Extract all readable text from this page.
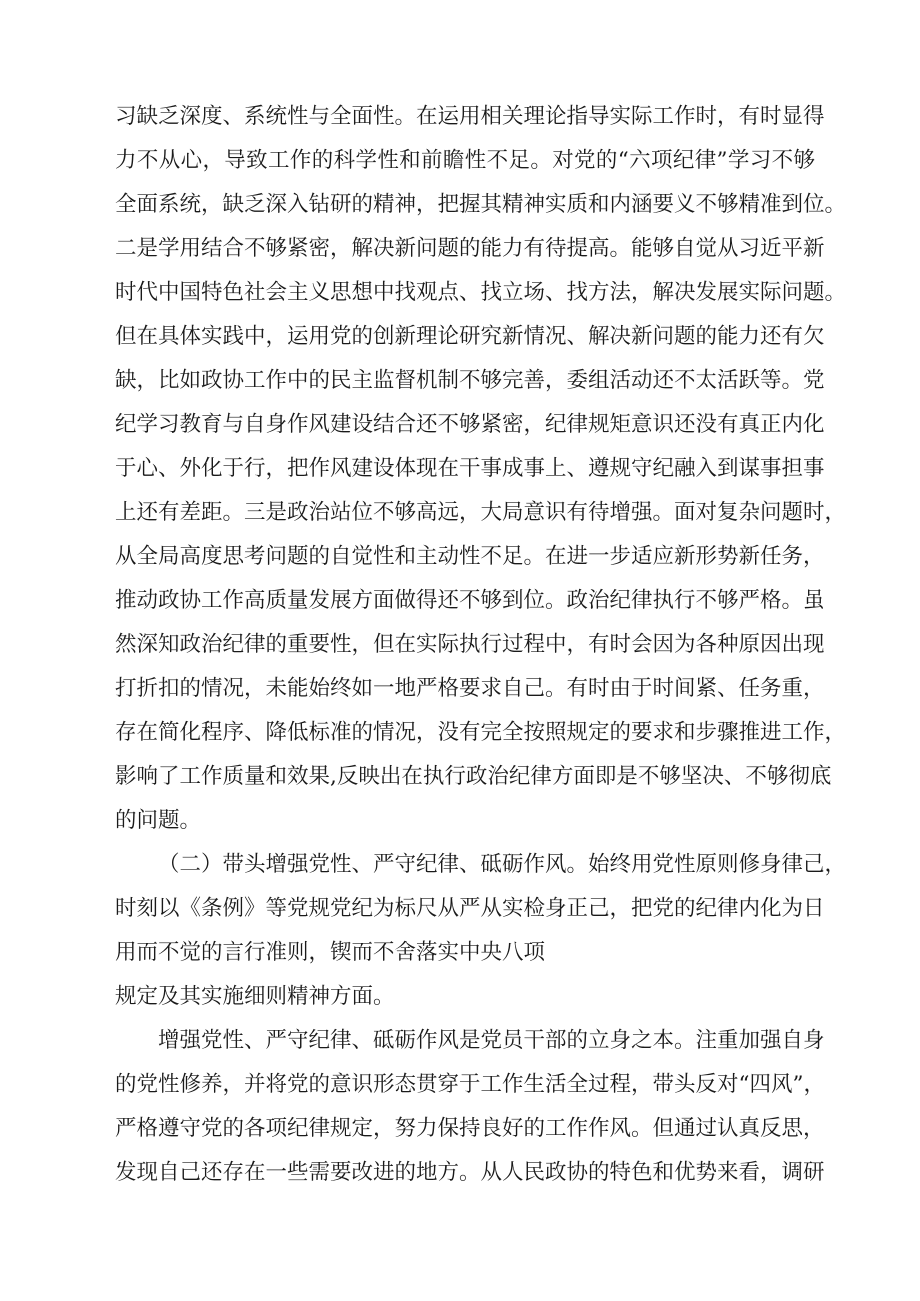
习缺乏深度、系统性与全面性。在运用相关理论指导实际工作时，有时显得
力不从心，导致工作的科学性和前瞻性不足。对党的“六项纪律”学习不够
全面系统，缺乏深入钻研的精神，把握其精神实质和内涵要义不够精准到位。
二是学用结合不够紧密，解决新问题的能力有待提高。能够自觉从习近平新
时代中国特色社会主义思想中找观点、找立场、找方法，解决发展实际问题。
但在具体实践中，运用党的创新理论研究新情况、解决新问题的能力还有欠
缺，比如政协工作中的民主监督机制不够完善，委组活动还不太活跃等。党
纪学习教育与自身作风建设结合还不够紧密，纪律规矩意识还没有真正内化
于心、外化于行，把作风建设体现在干事成事上、遵规守纪融入到谋事担事
上还有差距。三是政治站位不够高远，大局意识有待增强。面对复杂问题时，
从全局高度思考问题的自觉性和主动性不足。在进一步适应新形势新任务，
推动政协工作高质量发展方面做得还不够到位。政治纪律执行不够严格。虽
然深知政治纪律的重要性，但在实际执行过程中，有时会因为各种原因出现
打折扣的情况，未能始终如一地严格要求自己。有时由于时间紧、任务重，
存在简化程序、降低标准的情况，没有完全按照规定的要求和步骤推进工作，
影响了工作质量和效果,反映出在执行政治纪律方面即是不够坚决、不够彻底
的问题。
（二）带头增强党性、严守纪律、砥砺作风。始终用党性原则修身律己，
时刻以《条例》等党规党纪为标尺从严从实检身正己，把党的纪律内化为日
用而不觉的言行准则，锲而不舍落实中央八项
规定及其实施细则精神方面。
增强党性、严守纪律、砥砺作风是党员干部的立身之本。注重加强自身
的党性修养，并将党的意识形态贯穿于工作生活全过程，带头反对“四风”，
严格遵守党的各项纪律规定，努力保持良好的工作作风。但通过认真反思，
发现自己还存在一些需要改进的地方。从人民政协的特色和优势来看，调研
